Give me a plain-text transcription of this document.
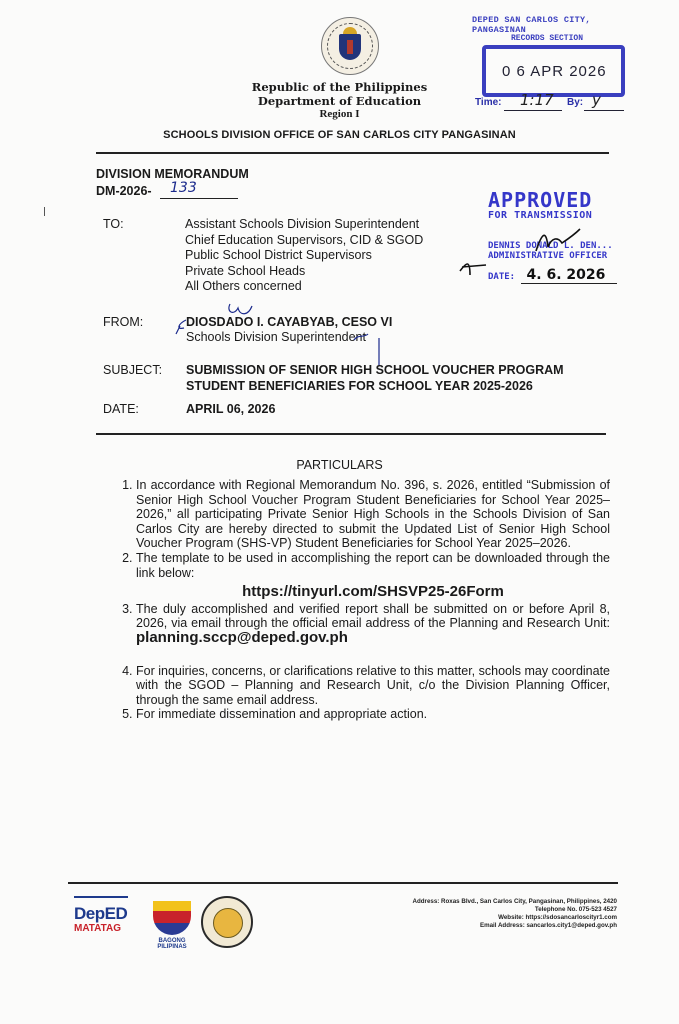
Republic of the Philippines
Department of Education
Region I
SCHOOLS DIVISION OFFICE OF SAN CARLOS CITY PANGASINAN
DEPED SAN CARLOS CITY, PANGASINAN
RECORDS SECTION
0 6 APR 2026
Time: 1:17 By: y
DIVISION MEMORANDUM
DM-2026- 133
TO:	Assistant Schools Division Superintendent
Chief Education Supervisors, CID & SGOD
Public School District Supervisors
Private School Heads
All Others concerned
APPROVED
FOR TRANSMISSION
DENNIS DONALD L. DEN...
ADMINISTRATIVE OFFICER
DATE: 4. 6. 2026
FROM:	DIOSDADO I. CAYABYAB, CESO VI
Schools Division Superintendent
SUBJECT: SUBMISSION OF SENIOR HIGH SCHOOL VOUCHER PROGRAM
STUDENT BENEFICIARIES FOR SCHOOL YEAR 2025-2026
DATE:	APRIL 06, 2026
PARTICULARS
1. In accordance with Regional Memorandum No. 396, s. 2026, entitled “Submission of Senior High School Voucher Program Student Beneficiaries for School Year 2025–2026,” all participating Private Senior High Schools in the Schools Division of San Carlos City are hereby directed to submit the Updated List of Senior High School Voucher Program (SHS-VP) Student Beneficiaries for School Year 2025–2026.
2. The template to be used in accomplishing the report can be downloaded through the link below:
https://tinyurl.com/SHSVP25-26Form
3. The duly accomplished and verified report shall be submitted on or before April 8, 2026, via email through the official email address of the Planning and Research Unit: planning.sccp@deped.gov.ph
4. For inquiries, concerns, or clarifications relative to this matter, schools may coordinate with the SGOD – Planning and Research Unit, c/o the Division Planning Officer, through the same email address.
5. For immediate dissemination and appropriate action.
DepED
MATATAG
BAGONG PILIPINAS
Address: Roxas Blvd., San Carlos City, Pangasinan, Philippines, 2420
Telephone No. 075-523 4527
Website: https://sdosancarloscityr1.com
Email Address: sancarlos.city1@deped.gov.ph
